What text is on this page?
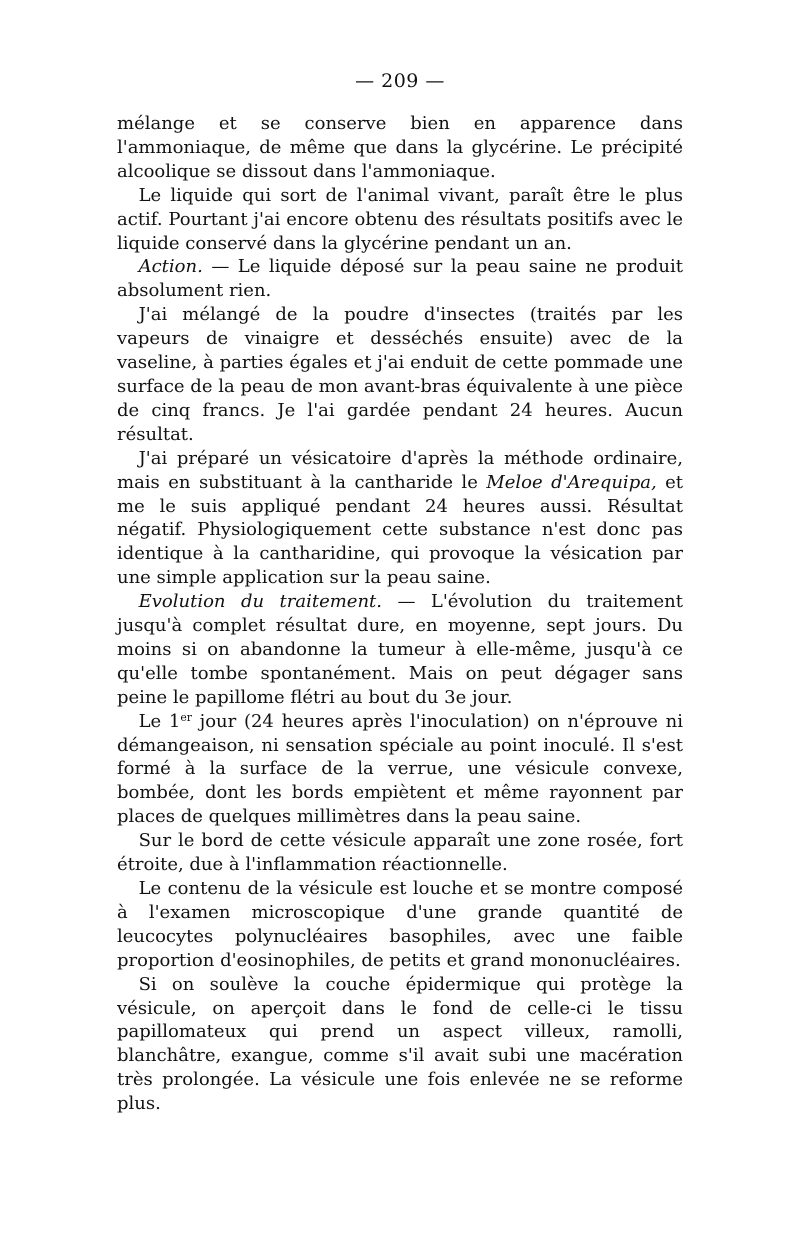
— 209 —

mélange et se conserve bien en apparence dans l'ammoniaque, de même que dans la glycérine. Le précipité alcoolique se dissout dans l'ammoniaque.

Le liquide qui sort de l'animal vivant, paraît être le plus actif. Pourtant j'ai encore obtenu des résultats positifs avec le liquide conservé dans la glycérine pendant un an.

Action. — Le liquide déposé sur la peau saine ne produit absolument rien.

J'ai mélangé de la poudre d'insectes (traités par les vapeurs de vinaigre et desséchés ensuite) avec de la vaseline, à parties égales et j'ai enduit de cette pommade une surface de la peau de mon avant-bras équivalente à une pièce de cinq francs. Je l'ai gardée pendant 24 heures. Aucun résultat.

J'ai préparé un vésicatoire d'après la méthode ordinaire, mais en substituant à la cantharide le Meloe d'Arequipa, et me le suis appliqué pendant 24 heures aussi. Résultat négatif. Physiologiquement cette substance n'est donc pas identique à la cantharidine, qui provoque la vésication par une simple application sur la peau saine.

Evolution du traitement. — L'évolution du traitement jusqu'à complet résultat dure, en moyenne, sept jours. Du moins si on abandonne la tumeur à elle-même, jusqu'à ce qu'elle tombe spontanément. Mais on peut dégager sans peine le papillome flétri au bout du 3e jour.

Le 1er jour (24 heures après l'inoculation) on n'éprouve ni démangeaison, ni sensation spéciale au point inoculé. Il s'est formé à la surface de la verrue, une vésicule convexe, bombée, dont les bords empiètent et même rayonnent par places de quelques millimètres dans la peau saine.

Sur le bord de cette vésicule apparaît une zone rosée, fort étroite, due à l'inflammation réactionnelle.

Le contenu de la vésicule est louche et se montre composé à l'examen microscopique d'une grande quantité de leucocytes polynucléaires basophiles, avec une faible proportion d'eosinophiles, de petits et grand mononucléaires.

Si on soulève la couche épidermique qui protège la vésicule, on aperçoit dans le fond de celle-ci le tissu papillomateux qui prend un aspect villeux, ramolli, blanchâtre, exangue, comme s'il avait subi une macération très prolongée. La vésicule une fois enlevée ne se reforme plus.
